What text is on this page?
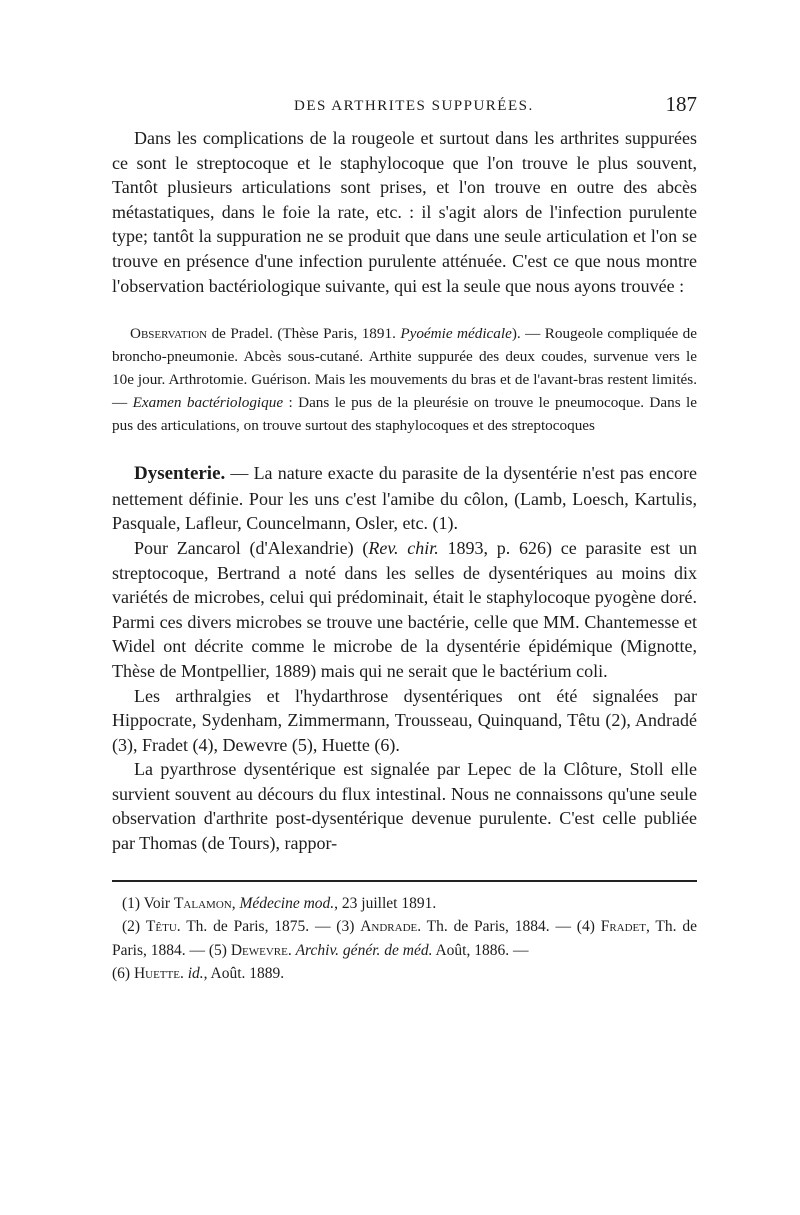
DES ARTHRITES SUPPURÉES.	187

Dans les complications de la rougeole et surtout dans les arthrites suppurées ce sont le streptocoque et le staphylocoque que l'on trouve le plus souvent, Tantôt plusieurs articulations sont prises, et l'on trouve en outre des abcès métastatiques, dans le foie la rate, etc. : il s'agit alors de l'infection purulente type; tantôt la suppuration ne se produit que dans une seule articulation et l'on se trouve en présence d'une infection purulente atténuée. C'est ce que nous montre l'observation bactériologique suivante, qui est la seule que nous ayons trouvée :

Observation de Pradel. (Thèse Paris, 1891. Pyoémie médicale). — Rougeole compliquée de broncho-pneumonie. Abcès sous-cutané. Arthite suppurée des deux coudes, survenue vers le 10e jour. Arthrotomie. Guérison. Mais les mouvements du bras et de l'avant-bras restent limités. — Examen bactériologique : Dans le pus de la pleurésie on trouve le pneumocoque. Dans le pus des articulations, on trouve surtout des staphylocoques et des streptocoques

Dysenterie. — La nature exacte du parasite de la dysentérie n'est pas encore nettement définie. Pour les uns c'est l'amibe du côlon, (Lamb, Loesch, Kartulis, Pasquale, Lafleur, Councelmann, Osler, etc. (1).

Pour Zancarol (d'Alexandrie) (Rev. chir. 1893, p. 626) ce parasite est un streptocoque, Bertrand a noté dans les selles de dysentériques au moins dix variétés de microbes, celui qui prédominait, était le staphylocoque pyogène doré. Parmi ces divers microbes se trouve une bactérie, celle que MM. Chantemesse et Widel ont décrite comme le microbe de la dysentérie épidémique (Mignotte, Thèse de Montpellier, 1889) mais qui ne serait que le bactérium coli.

Les arthralgies et l'hydarthrose dysentériques ont été signalées par Hippocrate, Sydenham, Zimmermann, Trousseau, Quinquand, Têtu (2), Andradé (3), Fradet (4), Dewevre (5), Huette (6).

La pyarthrose dysentérique est signalée par Lepec de la Clôture, Stoll elle survient souvent au décours du flux intestinal. Nous ne connaissons qu'une seule observation d'arthrite post-dysentérique devenue purulente. C'est celle publiée par Thomas (de Tours), rappor-

(1) Voir Talamon, Médecine mod., 23 juillet 1891.

(2) Têtu. Th. de Paris, 1875. — (3) Andrade. Th. de Paris, 1884. — (4) Fradet, Th. de Paris, 1884. — (5) Dewevre. Archiv. génér. de méd. Août, 1886. —

(6) Huette. id., Août. 1889.
